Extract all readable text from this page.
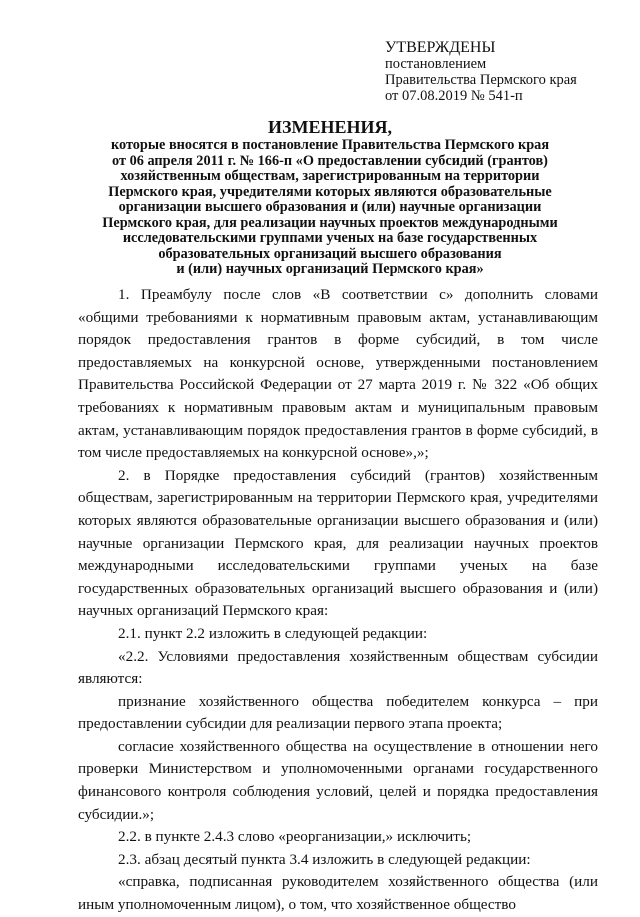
УТВЕРЖДЕНЫ
постановлением
Правительства Пермского края
от 07.08.2019 № 541-п
ИЗМЕНЕНИЯ,
которые вносятся в постановление Правительства Пермского края
от 06 апреля 2011 г. № 166-п «О предоставлении субсидий (грантов)
хозяйственным обществам, зарегистрированным на территории
Пермского края, учредителями которых являются образовательные
организации высшего образования и (или) научные организации
Пермского края, для реализации научных проектов международными
исследовательскими группами ученых на базе государственных
образовательных организаций высшего образования
и (или) научных организаций Пермского края»

1. Преамбулу после слов «В соответствии с» дополнить словами «общими требованиями к нормативным правовым актам, устанавливающим порядок предоставления грантов в форме субсидий, в том числе предоставляемых на конкурсной основе, утвержденными постановлением Правительства Российской Федерации от 27 марта 2019 г. № 322 «Об общих требованиях к нормативным правовым актам и муниципальным правовым актам, устанавливающим порядок предоставления грантов в форме субсидий, в том числе предоставляемых на конкурсной основе»,»;

2. в Порядке предоставления субсидий (грантов) хозяйственным обществам, зарегистрированным на территории Пермского края, учредителями которых являются образовательные организации высшего образования и (или) научные организации Пермского края, для реализации научных проектов международными исследовательскими группами ученых на базе государственных образовательных организаций высшего образования и (или) научных организаций Пермского края:

2.1. пункт 2.2 изложить в следующей редакции:

«2.2. Условиями предоставления хозяйственным обществам субсидии являются:

признание хозяйственного общества победителем конкурса – при предоставлении субсидии для реализации первого этапа проекта;

согласие хозяйственного общества на осуществление в отношении него проверки Министерством и уполномоченными органами государственного финансового контроля соблюдения условий, целей и порядка предоставления субсидии.»;

2.2. в пункте 2.4.3 слово «реорганизации,» исключить;

2.3. абзац десятый пункта 3.4 изложить в следующей редакции:

«справка, подписанная руководителем хозяйственного общества (или иным уполномоченным лицом), о том, что хозяйственное общество
